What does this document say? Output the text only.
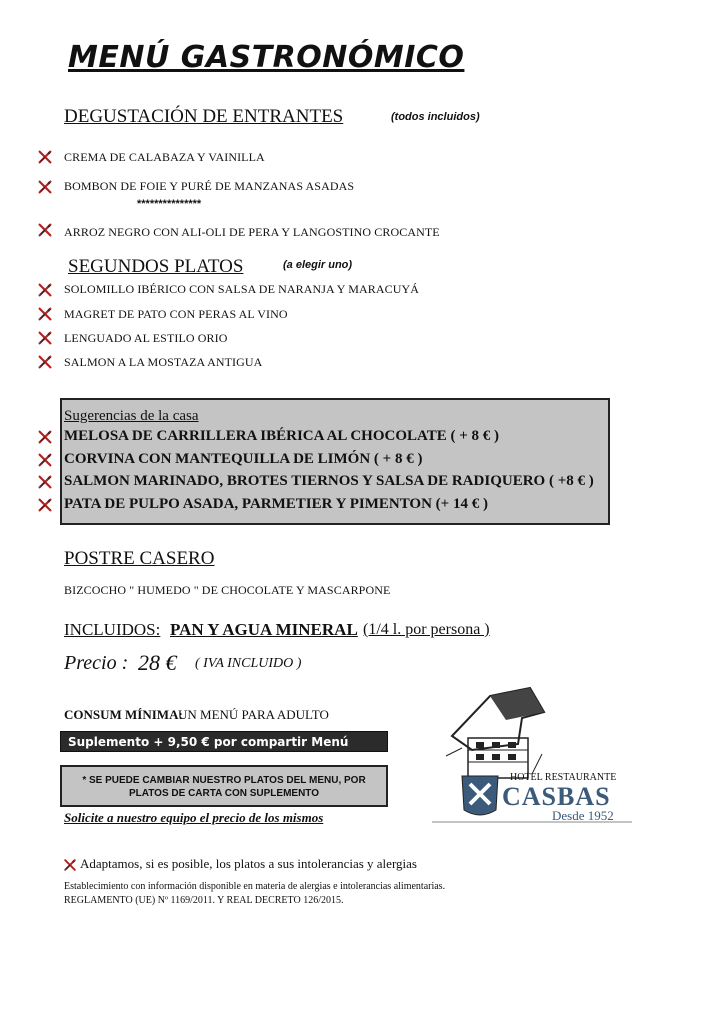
MENÚ GASTRONÓMICO
DEGUSTACIÓN DE ENTRANTES	(todos incluidos)
CREMA DE CALABAZA Y VAINILLA
BOMBON DE FOIE Y PURÉ DE MANZANAS ASADAS
***************
ARROZ NEGRO CON ALI-OLI DE PERA Y LANGOSTINO CROCANTE
SEGUNDOS PLATOS	(a elegir uno)
SOLOMILLO IBÉRICO CON SALSA DE NARANJA Y MARACUYÁ
MAGRET DE PATO CON PERAS AL VINO
LENGUADO AL ESTILO ORIO
SALMON A LA MOSTAZA ANTIGUA
Sugerencias de la casa
MELOSA DE CARRILLERA IBÉRICA AL CHOCOLATE ( + 8 € )
CORVINA CON MANTEQUILLA DE LIMÓN ( + 8 € )
SALMON MARINADO, BROTES TIERNOS Y SALSA DE RADIQUERO ( +8 € )
PATA DE PULPO ASADA, PARMETIER Y PIMENTON (+ 14 € )
POSTRE CASERO
BIZCOCHO " HUMEDO " DE CHOCOLATE Y MASCARPONE
INCLUIDOS: PAN Y AGUA MINERAL (1/4 l. por persona )
Precio : 28 € ( IVA INCLUIDO )
CONSUM MÍNIMA:
UN MENÚ PARA ADULTO
Suplemento + 9,50 € por compartir Menú
* SE PUEDE CAMBIAR NUESTRO PLATOS DEL MENU, POR
PLATOS DE CARTA CON SUPLEMENTO
Solicite a nuestro equipo el precio de los mismos
HOTEL RESTAURANTE
CASBAS
Desde 1952
Adaptamos, si es posible, los platos a sus intolerancias y alergias
Establecimiento con información disponible en materia de alergias e intolerancias alimentarias.
REGLAMENTO (UE) Nº 1169/2011. Y REAL DECRETO 126/2015.
